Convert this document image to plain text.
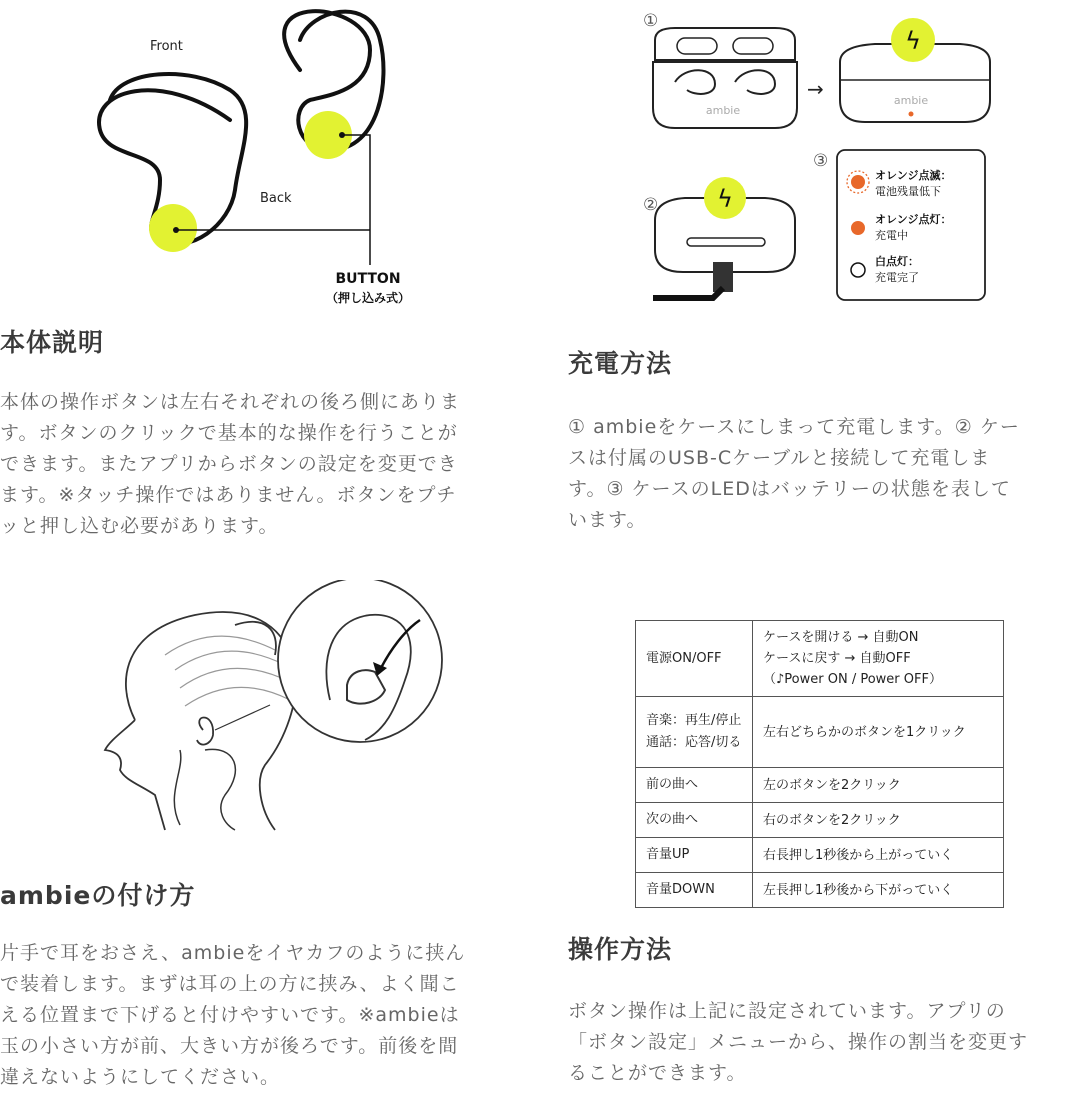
Front
Back
BUTTON
（押し込み式）
本体説明
本体の操作ボタンは左右それぞれの後ろ側にありま
す。ボタンのクリックで基本的な操作を行うことが
できます。またアプリからボタンの設定を変更でき
ます。※タッチ操作ではありません。ボタンをプチ
ッと押し込む必要があります。
①
ambie
→	ambie
ϟ
② ϟ
③
オレンジ点滅：
電池残量低下
オレンジ点灯：
充電中
白点灯：
充電完了
充電方法
① ambieをケースにしまって充電します。② ケー
スは付属のUSB-Cケーブルと接続して充電しま
す。③ ケースのLEDはバッテリーの状態を表して
います。
ambieの付け方
片手で耳をおさえ、ambieをイヤカフのように挟ん
で装着します。まずは耳の上の方に挟み、よく聞こ
える位置まで下げると付けやすいです。※ambieは
玉の小さい方が前、大きい方が後ろです。前後を間
違えないようにしてください。
電源ON/OFF	ケースを開ける → 自動ON
ケースに戻す → 自動OFF
（♪Power ON / Power OFF）

音楽：再生/停止
通話：応答/切る	左右どちらかのボタンを1クリック

前の曲へ	左のボタンを2クリック

次の曲へ	右のボタンを2クリック

音量UP	右長押し1秒後から上がっていく

音量DOWN	左長押し1秒後から下がっていく
操作方法
ボタン操作は上記に設定されています。アプリの
「ボタン設定」メニューから、操作の割当を変更す
ることができます。
